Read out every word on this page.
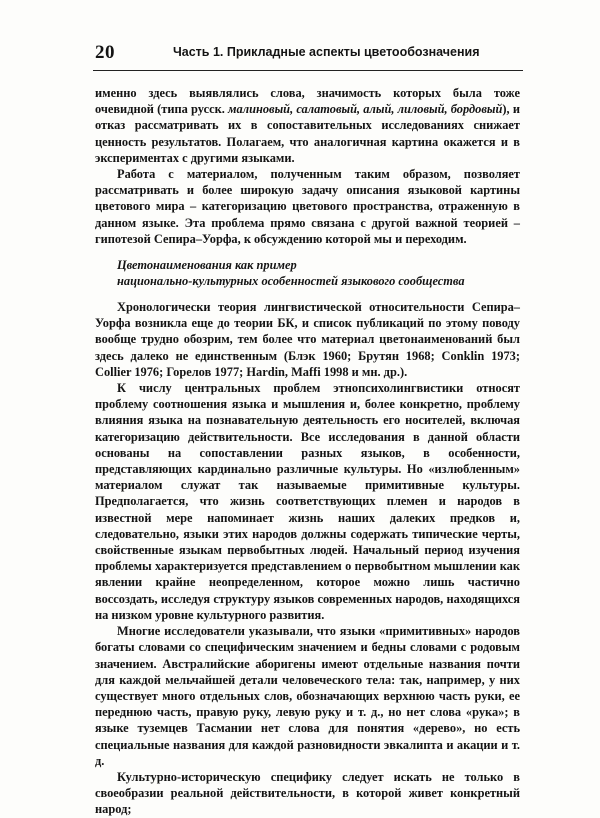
20	Часть 1. Прикладные аспекты цветообозначения

именно здесь выявлялись слова, значимость которых была тоже очевидной (типа русск. малиновый, салатовый, алый, лиловый, бордовый), и отказ рассматривать их в сопоставительных исследованиях снижает ценность результатов. Полагаем, что аналогичная картина окажется и в экспериментах с другими языками.

Работа с материалом, полученным таким образом, позволяет рассматривать и более широкую задачу описания языковой картины цветового мира – категоризацию цветового пространства, отраженную в данном языке. Эта проблема прямо связана с другой важной теорией – гипотезой Сепира–Уорфа, к обсуждению которой мы и переходим.

Цветонаименования как пример
национально-культурных особенностей языкового сообщества

Хронологически теория лингвистической относительности Сепира–Уорфа возникла еще до теории БК, и список публикаций по этому поводу вообще трудно обозрим, тем более что материал цветонаименований был здесь далеко не единственным (Блэк 1960; Брутян 1968; Conklin 1973; Collier 1976; Горелов 1977; Hardin, Maffi 1998 и мн. др.).

К числу центральных проблем этнопсихолингвистики относят проблему соотношения языка и мышления и, более конкретно, проблему влияния языка на познавательную деятельность его носителей, включая категоризацию действительности. Все исследования в данной области основаны на сопоставлении разных языков, в особенности, представляющих кардинально различные культуры. Но «излюбленным» материалом служат так называемые примитивные культуры. Предполагается, что жизнь соответствующих племен и народов в известной мере напоминает жизнь наших далеких предков и, следовательно, языки этих народов должны содержать типические черты, свойственные языкам первобытных людей. Начальный период изучения проблемы характеризуется представлением о первобытном мышлении как явлении крайне неопределенном, которое можно лишь частично воссоздать, исследуя структуру языков современных народов, находящихся на низком уровне культурного развития.

Многие исследователи указывали, что языки «примитивных» народов богаты словами со специфическим значением и бедны словами с родовым значением. Австралийские аборигены имеют отдельные названия почти для каждой мельчайшей детали человеческого тела: так, например, у них существует много отдельных слов, обозначающих верхнюю часть руки, ее переднюю часть, правую руку, левую руку и т. д., но нет слова «рука»; в языке туземцев Тасмании нет слова для понятия «дерево», но есть специальные названия для каждой разновидности эвкалипта и акации и т. д.

Культурно-историческую специфику следует искать не только в своеобразии реальной действительности, в которой живет конкретный народ;
